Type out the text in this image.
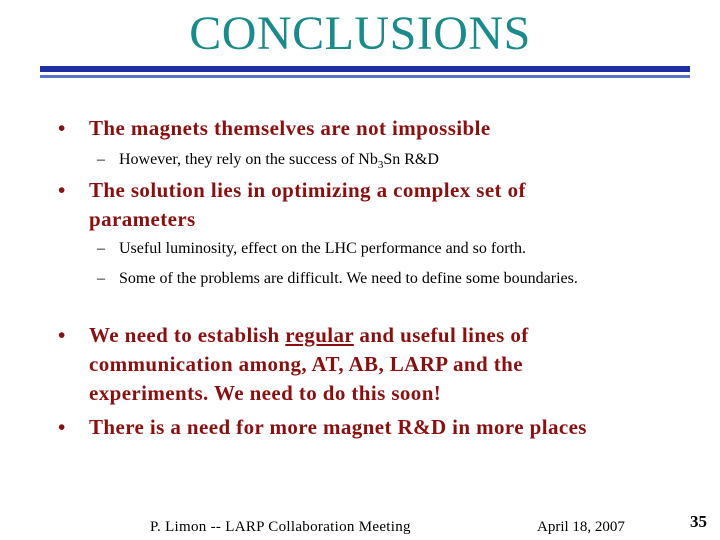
CONCLUSIONS
•	The magnets themselves are not impossible
– However, they rely on the success of $Nb_3Sn$ R&D
•	The solution lies in optimizing a complex set of parameters
– Useful luminosity, effect on the LHC performance and so forth.
– Some of the problems are difficult. We need to define some boundaries.
•	We need to establish regular and useful lines of communication among, AT, AB, LARP and the experiments. We need to do this soon!
•	There is a need for more magnet R&D in more places
P. Limon -- LARP Collaboration Meeting	April 18, 2007	35
